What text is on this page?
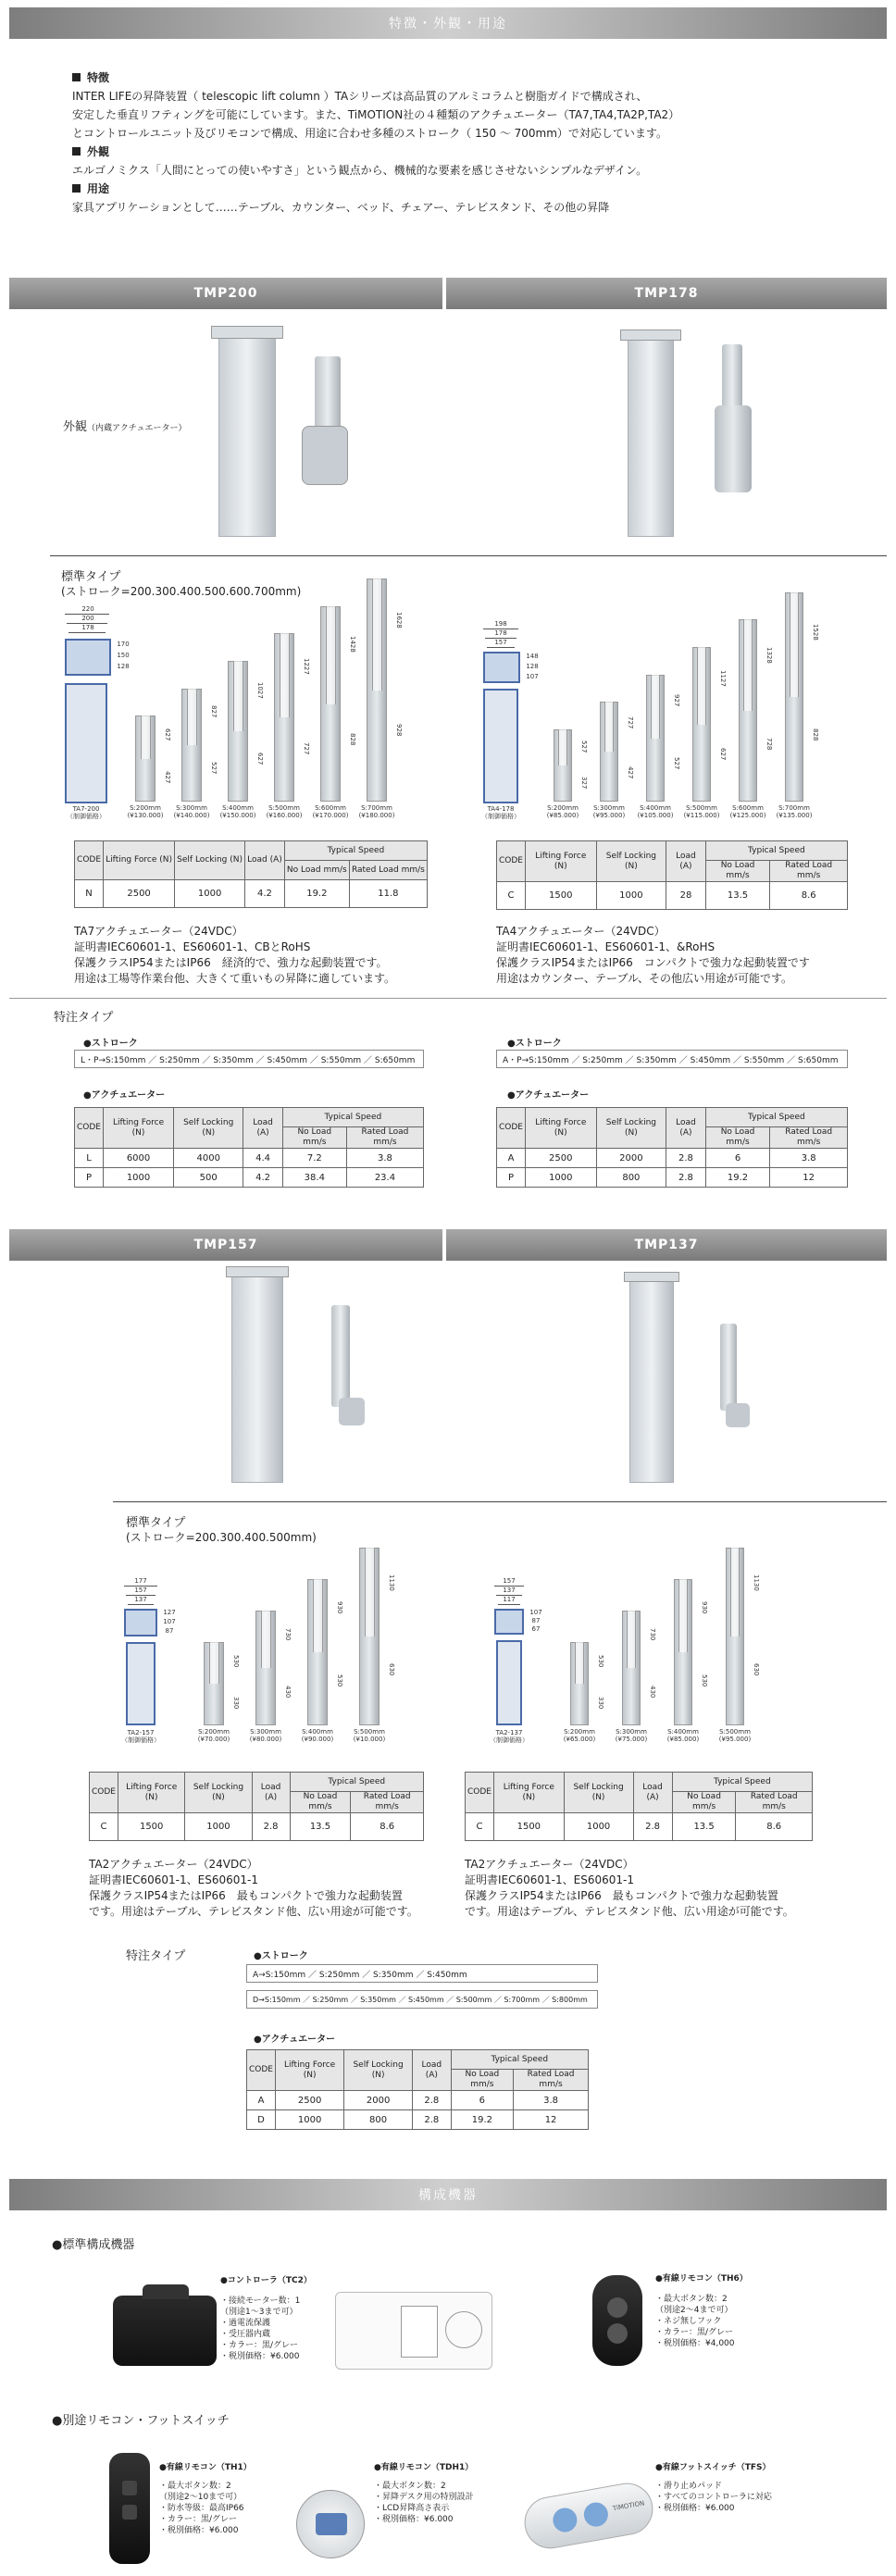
特徴・外観・用途
特徴
INTER LIFEの昇降装置（ telescopic lift column ）TAシリーズは高品質のアルミコラムと樹脂ガイドで構成され、
安定した垂直リフティングを可能にしています。また、TiMOTION社の４種類のアクチュエーター（TA7,TA4,TA2P,TA2）
とコントロールユニット及びリモコンで構成、用途に合わせ多種のストローク（ 150 ～ 700mm）で対応しています。
外観
エルゴノミクス「人間にとっての使いやすさ」という観点から、機械的な要素を感じさせないシンプルなデザイン。
用途
家具アプリケーションとして……テーブル、カウンター、ベッド、チェアー、テレビスタンド、その他の昇降
TMP200	TMP178
外観（内蔵アクチュエーター）
標準タイプ
(ストローク=200.300.400.500.600.700mm)
220
200
178
170
150
128
TA7-200
（制御価格）
CODE	Lifting Force (N)	Self Locking (N)	Load (A)	Typical Speed	
				No Load mm/s	Rated Load mm/s
N	2500	1000	4.2	19.2	11.8
TA7アクチュエーター（24VDC）
証明書IEC60601-1、ES60601-1、CBとRoHS
保護クラスIP54またはIP66　経済的で、強力な起動装置です。
用途は工場等作業台他、大きくて重いもの昇降に適しています。
198
178
157
148
128
107
TA4-178
（制御価格）
CODE	Lifting Force (N)	Self Locking (N)	Load (A)	Typical Speed	
				No Load mm/s	Rated Load mm/s
C	1500	1000	28	13.5	8.6
TA4アクチュエーター（24VDC）
証明書IEC60601-1、ES60601-1、&RoHS
保護クラスIP54またはIP66　コンパクトで強力な起動装置です
用途はカウンター、テーブル、その他広い用途が可能です。
特注タイプ
●ストローク
L・P→S:150mm ／ S:250mm ／ S:350mm ／ S:450mm ／ S:550mm ／ S:650mm
●アクチュエーター
CODE	Lifting Force (N)	Self Locking (N)	Load (A)	Typical Speed	
				No Load mm/s	Rated Load mm/s
L	6000	4000	4.4	7.2	3.8
P	1000	500	4.2	38.4	23.4
●ストローク
A・P→S:150mm ／ S:250mm ／ S:350mm ／ S:450mm ／ S:550mm ／ S:650mm
●アクチュエーター
CODE	Lifting Force (N)	Self Locking (N)	Load (A)	Typical Speed	
				No Load mm/s	Rated Load mm/s
A	2500	2000	2.8	6	3.8
P	1000	800	2.8	19.2	12
TMP157	TMP137
標準タイプ
(ストローク=200.300.400.500mm)
177
157
137
127
107
87
TA2-157
（制御価格）
CODE	Lifting Force (N)	Self Locking (N)	Load (A)	Typical Speed	
				No Load mm/s	Rated Load mm/s
C	1500	1000	2.8	13.5	8.6
TA2アクチュエーター（24VDC）
証明書IEC60601-1、ES60601-1
保護クラスIP54またはIP66　最もコンパクトで強力な起動装置
です。用途はテーブル、テレビスタンド他、広い用途が可能です。
157
137
117
107
87
67
TA2-137
（制御価格）
CODE	Lifting Force (N)	Self Locking (N)	Load (A)	Typical Speed	
				No Load mm/s	Rated Load mm/s
C	1500	1000	2.8	13.5	8.6
TA2アクチュエーター（24VDC）
証明書IEC60601-1、ES60601-1
保護クラスIP54またはIP66　最もコンパクトで強力な起動装置
です。用途はテーブル、テレビスタンド他、広い用途が可能です。
特注タイプ	●ストローク
A→S:150mm ／ S:250mm ／ S:350mm ／ S:450mm
D→S:150mm ／ S:250mm ／ S:350mm ／ S:450mm ／ S:500mm ／ S:700mm ／ S:800mm
●アクチュエーター
CODE	Lifting Force (N)	Self Locking (N)	Load (A)	Typical Speed	
				No Load mm/s	Rated Load mm/s
A	2500	2000	2.8	6	3.8
D	1000	800	2.8	19.2	12
構成機器
●標準構成機器
●コントローラ（TC2）
・接続モーター数：1
（別途1～3まで可）
・過電流保護
・受圧器内蔵
・カラー：黒/グレー
・税別価格：¥6.000
●有線リモコン（TH6）
・最大ボタン数：2
（別途2～4まで可）
・ネジ無しフック
・カラー：黒/グレー
・税別価格：¥4,000
●別途リモコン・フットスイッチ
●有線リモコン（TH1）
・最大ボタン数：2
（別途2～10まで可）
・防水等級：最高IP66
・カラー：黒/グレー
・税別価格：¥6.000
●有線リモコン（TDH1）
・最大ボタン数：2
・昇降デスク用の特別設計
・LCD昇降高さ表示
・税別価格：¥6.000
TiMOTION
●有線フットスイッチ（TFS）
・滑り止めパッド
・すべてのコントローラに対応
・税別価格：¥6.000
427
627
S:200mm
(¥130.000)
527
827
S:300mm
(¥140.000)
627
1027
S:400mm
(¥150.000)
727
1227
S:500mm
(¥160.000)
828
1428
S:600mm
(¥170.000)
928
1628
S:700mm
(¥180.000)
327
527
S:200mm
(¥85.000)
427
727
S:300mm
(¥95.000)
527
927
S:400mm
(¥105.000)
627
1127
S:500mm
(¥115.000)
728
1328
S:600mm
(¥125.000)
828
1528
S:700mm
(¥135.000)
330
530
S:200mm
(¥70.000)
430
730
S:300mm
(¥80.000)
530
930
S:400mm
(¥90.000)
630
1130
S:500mm
(¥10.000)
330
530
S:200mm
(¥65.000)
430
730
S:300mm
(¥75.000)
530
930
S:400mm
(¥85.000)
630
1130
S:500mm
(¥95.000)
